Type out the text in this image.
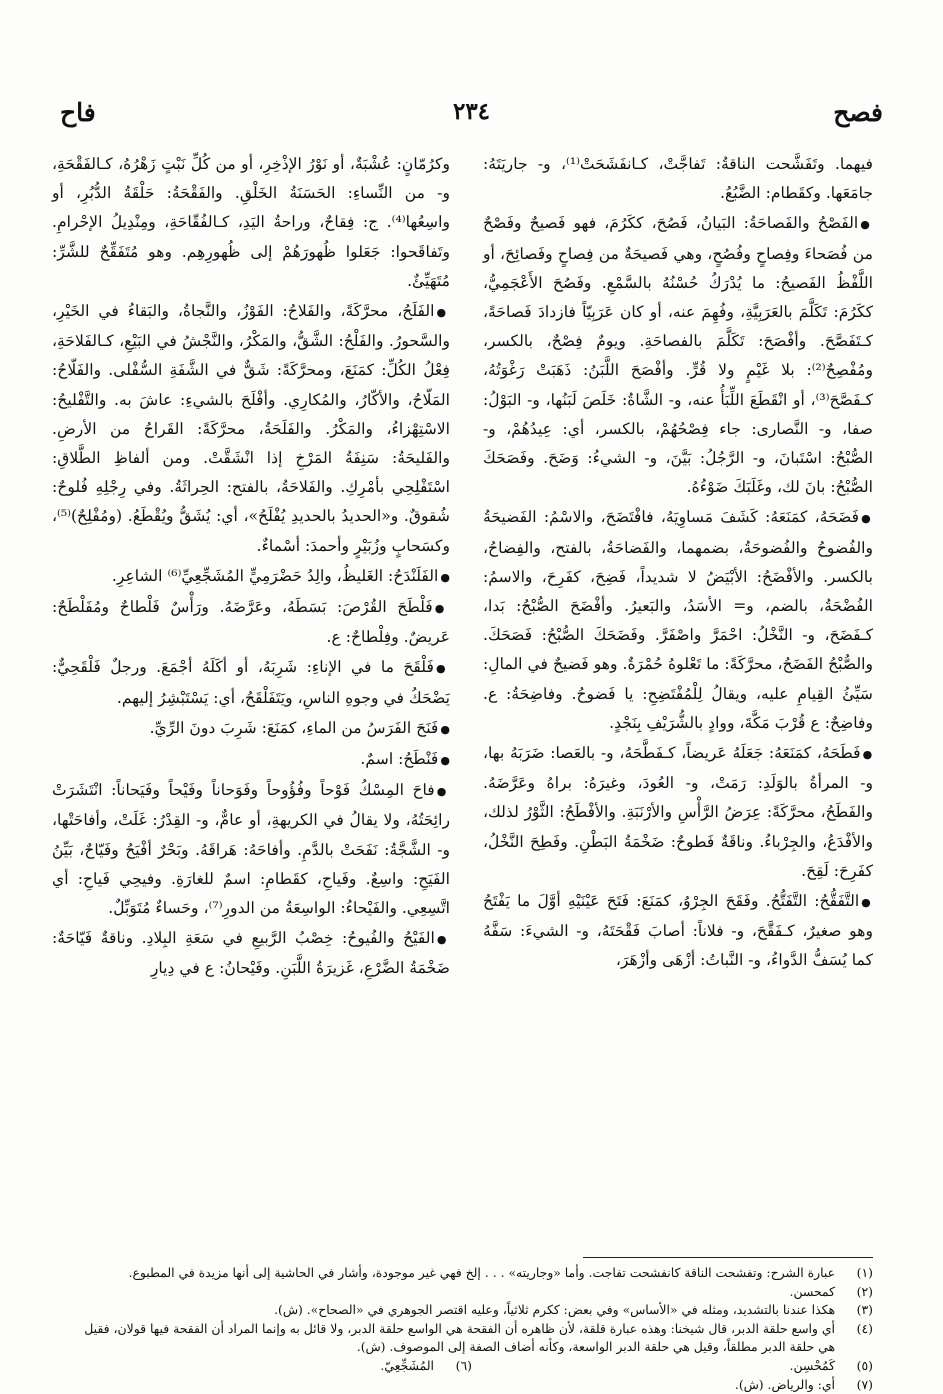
فصح
٢٣٤
فاح

فيهما. وتَفَشَّحت الناقةُ: تَفاجَّتْ، كـانفَشَحَتْ⁽¹⁾، و- جاريَتَهُ: جامَعَها. وكقَطام: الضَّبُعُ.

● الفَصْحُ والفَصاحَةُ: البَيانُ، فَصُحَ، ككَرُمَ، فهو فَصيحٌ وفَصْحٌ من فُصَحاءَ وفِصاحٍ وفُصُحٍ، وهي فَصيحَةٌ من فِصاحٍ وفَصائِحَ، أو اللَّفْظُ الفَصيحُ: ما يُدْرَكُ حُسْنُهُ بالسَّمْعِ. وفَصُحَ الأَعْجَمِيُّ، ككَرُمَ: تَكَلَّمَ بالعَرَبِيَّةِ، وفُهِمَ عنه، أو كان عَرَبِيّاً فازدادَ فَصاحَةً، كـتَفَصَّحَ. وأفْصَحَ: تَكَلَّمَ بالفصاحَةِ. ويومٌ فِصْحٌ، بالكسر، ومُفْصِحٌ⁽²⁾: بلا غَيْمٍ ولا قُرٍّ. وأفْصَحَ اللَّبَنُ: ذَهَبَتْ رَغْوَتُهُ، كـفَصَّحَ⁽³⁾، أو انْقَطَعَ اللِّبَأُ عنه، و- الشَّاةُ: خَلَصَ لَبَنُها، و- البَوْلُ: صفا، و- النَّصارى: جاء فِصْحُهُمْ، بالكسر، أي: عِيدُهُمْ، و- الصُّبْحُ: اسْتَبانَ، و- الرَّجُلُ: بَيَّنَ، و- الشيءُ: وَضَحَ. وفَصَحَكَ الصُّبْحُ: بانَ لك، وغَلَبَكَ ضَوْءُهُ.

● فَضَحَهُ، كمَنَعَهُ: كَشَفَ مَساوِيَهُ، فافْتَضَحَ، والاسْمُ: الفَضيحَةُ والفُضوحُ والفُضوحَةُ، بضمهما، والفَضاحَةُ، بالفتح، والفِضاحُ، بالكسر. والأفْضَحُ: الأبْيَضُ لا شديداً، فَضِحَ، كفَرِحَ، والاسمُ: الفُضْحَةُ، بالضم، و= الأسَدُ، والبَعيرُ. وأفْضَحَ الصُّبْحُ: بَدا، كـفَضَحَ، و- النَّخْلُ: احْمَرَّ واصْفَرَّ. وفَضَحَكَ الصُّبْحُ: فَصَحَكَ. والصُّبْحُ الفَضَحُ، محرَّكَةً: ما تَعْلوهُ حُمْرَةٌ. وهو فَضيحٌ في المالِ: سَيِّئُ القِيامِ عليه، ويقالُ لِلْمُفْتَضِحِ: يا فَضوحُ. وفاضِحَةُ: ع. وفاضِحٌ: ع قُرْبَ مَكَّةَ، ووادٍ بالشُّرَيْفِ بِنَجْدٍ.

● فَطَحَهُ، كمَنَعَهُ: جَعَلَهُ عَريضاً، كـفَطَّحَهُ، و- بالعَصا: ضَرَبَهُ بها، و- المرأةُ بالوَلَدِ: رَمَتْ، و- العُودَ، وغيرَهُ: براهُ وعَرَّضَهُ. والفَطَحُ، محرَّكَةً: عِرَضُ الرَّأْسِ والأرْنَبَةِ. والأفْطَحُ: الثَّوْرُ لذلك، والأفْدَعُ، والجِرْباءُ. وناقَةٌ فَطوحٌ: ضَخْمَةُ البَطْنِ. وفَطِحَ النَّخْلُ، كفَرِحَ: لَقِحَ.

● التَّفَقُّحُ: التَّفَتُّحُ. وفَقَحَ الجِرْوُ، كمَنَعَ: فَتَحَ عَيْنَيْهِ أوَّلَ ما يَفْتَحُ وهو صغيرٌ، كـفَقَّحَ، و- فلاناً: أصابَ فَقْحَتَهُ، و- الشيءَ: سَفَّهُ كما يُسَفُّ الدَّواءُ، و- النَّباتُ: أزْهَى وأزْهَرَ،

وكرُمّانٍ: عُشْبَةٌ، أو نَوْرُ الإذْخِرِ، أو من كُلِّ نَبْتٍ زَهْرُهُ، كـالفَقْحَةِ، و- من النِّساءِ: الحَسَنَةُ الخَلْقِ. والفَقْحَةُ: حَلْقَةُ الدُّبُرِ، أو واسِعُها⁽⁴⁾. ج: فِقاحٌ، وراحةُ اليَدِ، كـالفُقّاحَةِ، ومِنْدِيلُ الإحْرامِ. وتَفاقَحوا: جَعَلوا ظُهورَهُمْ إلى ظُهورِهِم. وهو مُتَفَقِّحٌ للشَّرِّ: مُتَهَيِّئٌ.

● الفَلَحُ، محرَّكَةً، والفَلاحُ: الفَوْزُ، والنَّجاةُ، والبَقاءُ في الخَيْرِ، والسَّحورُ. والفَلْحُ: الشَّقُّ، والمَكْرُ، والنَّجْشُ في البَيْعِ، كـالفَلاحَةِ، فِعْلُ الكُلِّ: كمَنَعَ، ومحرَّكَةً: شَقٌّ في الشَّفَةِ السُّفْلى. والفَلّاحُ: المَلّاحُ، والأكّارُ، والمُكارِي. وأفْلَحَ بالشيءِ: عاشَ به. والتَّفْليحُ: الاسْتِهْزاءُ، والمَكْرُ. والفَلَحَةُ، محرَّكَةً: القَراحُ من الأرضِ. والفَليحَةُ: سَنِفَةُ المَرْخِ إذا انْشَقَّتْ. ومن ألفاظِ الطَّلاقِ: اسْتَفْلِحِي بأمْرِكِ. والفَلاحَةُ، بالفتح: الحِراثَةُ. وفي رِجْلِهِ فُلوحٌ: شُقوقٌ. و«الحديدُ بالحديدِ يُفْلَحُ»، أي: يُشَقُّ ويُقْطَعُ. (ومُفْلِحٌ)⁽⁵⁾، وكسَحابٍ وزُبَيْرٍ وأحمدَ: أسْماءٌ.

● الفَلَنْدَحُ: الغَليظُ، والِدُ حَضْرَمِيٍّ المُشَجِّعِيِّ⁽⁶⁾ الشاعِرِ.

● فَلْطَحَ القُرْصَ: بَسَطَهُ، وعَرَّضَهُ. ورَأْسٌ فَلْطاحٌ ومُفَلْطَحٌ: عَريضٌ. وفِلْطاحٌ: ع.

● فَلْقَحَ ما في الإناءِ: شَرِبَهُ، أو أكَلَهُ أجْمَعَ. ورجلٌ فَلْقَحِيٌّ: يَضْحَكُ في وجوهِ الناسِ، ويَتَفَلْقَحُ، أي: يَسْتَبْشِرُ إليهم.

● فَنَحَ الفَرَسُ من الماءِ، كمَنَعَ: شَرِبَ دونَ الرِّيِّ.

● فَنْطَحُ: اسمٌ.

● فاحَ المِسْكُ فَوْحاً وفُؤُوحاً وفَوَحاناً وفَيْحاً وفَيَحاناً: انْتَشَرَتْ رائِحَتُهُ، ولا يقالُ في الكريهةِ، أو عامٌّ، و- القِدْرُ: غَلَتْ، وأفاحَتْها، و- الشَّجَّةُ: نَفَحَتْ بالدَّمِ. وأفاحَهُ: هَراقَهُ. وبَحْرٌ أفْيَحُ وفَيّاحٌ، بَيِّنُ الفَيَحِ: واسِعٌ. وفَياحِ، كقَطامِ: اسمٌ للغارَةِ. وفيحِي فَياحِ: أي اتَّسِعِي. والفَيْحاءُ: الواسِعَةُ من الدورِ⁽⁷⁾، وحَساءٌ مُتَوَبِّلٌ.

● الفَيْحُ والفُيوحُ: خِصْبُ الرَّبيعِ في سَعَةِ البِلادِ. وناقةٌ فَيّاحَةٌ: ضَخْمَةُ الضَّرْعِ، غَزيرَةُ اللَّبَنِ. وفَيْحانُ: ع في دِيارِ

(١)
عبارة الشرح: وتفشحت الناقة كانفشحت تفاجت. وأما «وجاريته» . . . إلخ فهي غير موجودة، وأشار في الحاشية إلى أنها مزيدة في المطبوع.
(٢)
كمحسن.
(٣)
هكذا عندنا بالتشديد، ومثله في «الأساس» وفي بعض: ككرم ثلاثياً، وعليه اقتصر الجوهري في «الصحاح». (ش).
(٤)
أي واسع حلقة الدبر، قال شيخنا: وهذه عبارة قلقة، لأن ظاهره أن الفقحة هي الواسع حلقة الدبر، ولا قائل به وإنما المراد أن الفقحة فيها قولان، فقيل هي حلقة الدبر مطلقاً، وقيل هي حلقة الدبر الواسعة، وكأنه أضاف الصفة إلى الموصوف. (ش).
(٥)
كَمُحْسِن.
(٦)
المُشَجِّعِيّ.
(٧)
أي: والرياض. (ش).
